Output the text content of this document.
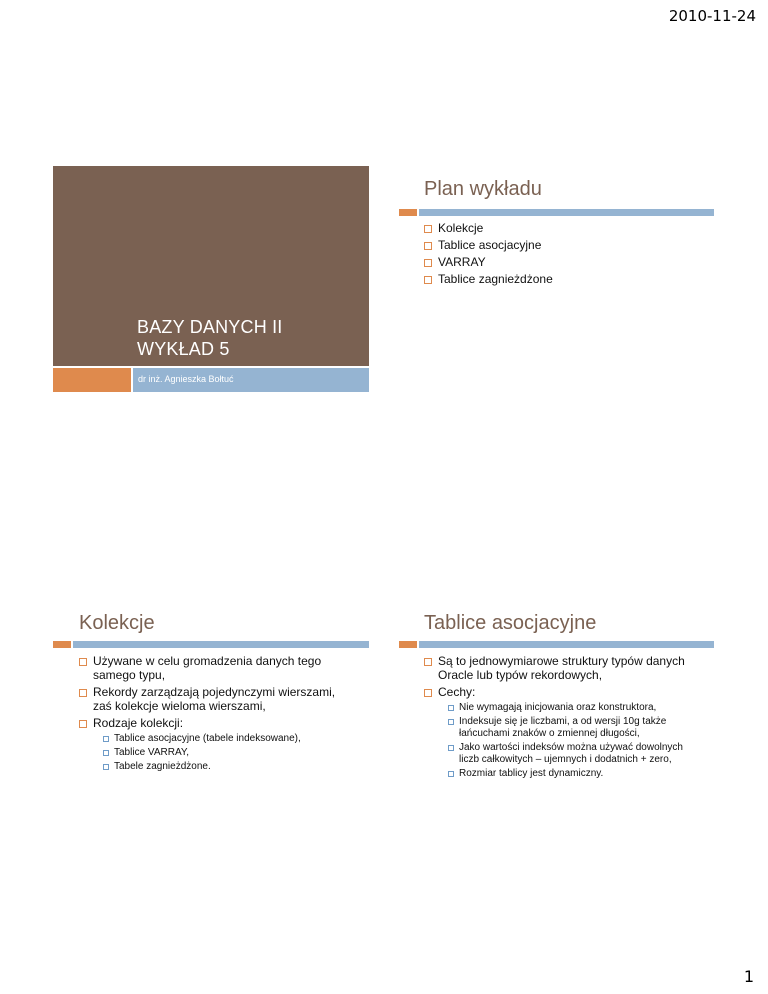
2010-11-24
BAZY DANYCH II
WYKŁAD 5
dr inż. Agnieszka Bołtuć
Plan wykładu
Kolekcje
Tablice asocjacyjne
VARRAY
Tablice zagnieżdżone
Kolekcje
Używane w celu gromadzenia danych tego samego typu,
Rekordy zarządzają pojedynczymi wierszami, zaś kolekcje wieloma wierszami,
Rodzaje kolekcji:
Tablice asocjacyjne (tabele indeksowane),
Tablice VARRAY,
Tabele zagnieżdżone.
Tablice asocjacyjne
Są to jednowymiarowe struktury typów danych Oracle lub typów rekordowych,
Cechy:
Nie wymagają inicjowania oraz konstruktora,
Indeksuje się je liczbami, a od wersji 10g także łańcuchami znaków o zmiennej długości,
Jako wartości indeksów można używać dowolnych liczb całkowitych – ujemnych i dodatnich + zero,
Rozmiar tablicy jest dynamiczny.
1
